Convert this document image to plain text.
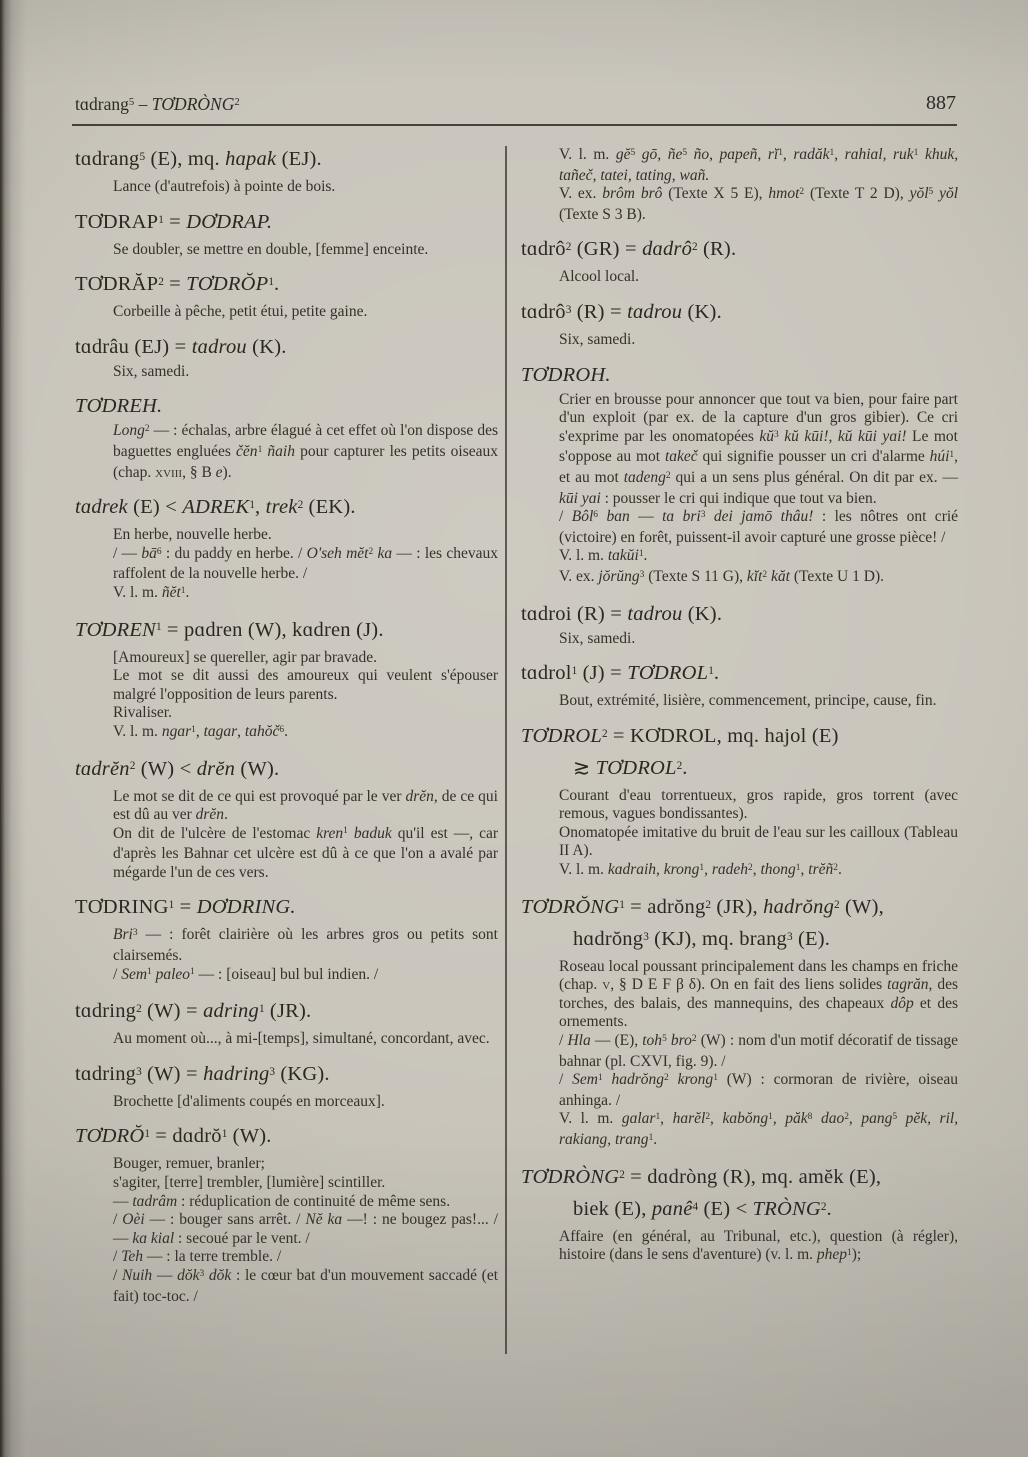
tɑdrang$^5$ – TƠDRÒNG$^2$	887
tɑdrang$^5$ (E), mq. hɑpak (EJ).

Lance (d'autrefois) à pointe de bois.

$TƠDRAP^1$ = DƠDRAP.

Se doubler, se mettre en double, [femme] enceinte.

$TƠDRĂP^2$ = $TƠDRŎP^1$.

Corbeille à pêche, petit étui, petite gaine.

tɑdrâu (EJ) = tɑdrou (K).

Six, samedi.

TƠDREH.

Long$^2$ — : échalas, arbre élagué à cet effet où l'on dispose des baguettes engluées čĕn$^1$ ñaih pour capturer les petits oiseaux (chap. xviii, § B e).

tɑdrek $(E) < ADREK^1$, trek$^2$ (EK).

En herbe, nouvelle herbe.

/ — $bā^6$ : du paddy en herbe. / O'seh mĕt$^2$ kɑ — : les chevaux raffolent de la nouvelle herbe. /

V. l. m. ñĕt$^1$.

$TƠDREN^1$ = pɑdren (W), kɑdren (J).

[Amoureux] se quereller, agir par bravade.

Le mot se dit aussi des amoureux qui veulent s'épouser malgré l'opposition de leurs parents.

Rivaliser.

V. l. m. ngɑr$^1$, tɑgar, tɑhŏč$^6$.

tɑdrĕn$^2$ (W) < drĕn (W).

Le mot se dit de ce qui est provoqué par le ver drĕn, de ce qui est dû au ver drĕn.

On dit de l'ulcère de l'estomac kren$^1$ bɑduk qu'il est —, car d'après les Bahnar cet ulcère est dû à ce que l'on a avalé par mégarde l'un de ces vers.

$TƠDRING^1$ = DƠDRING.

Bri$^3$ — : forêt clairière où les arbres gros ou petits sont clairsemés.

/ Sem$^1$ pɑleo$^1$ — : [oiseau] bul bul indien. /

tɑdring$^2$ (W) = adring$^1$ (JR).

Au moment où..., à mi-[temps], simultané, concordant, avec.

tɑdring$^3$ (W) = hadring$^3$ (KG).

Brochette [d'aliments coupés en morceaux].

$TƠDRŎ^1$ = dɑdrŏ$^1$ (W).

Bouger, remuer, branler;

s'agiter, [terre] trembler, [lumière] scintiller.

— tɑdrâm : réduplication de continuité de même sens.

/ Oèi — : bouger sans arrêt. / Nĕ kɑ —! : ne bougez pas!... / — kɑ kial : secoué par le vent. /

/ Teh — : la terre tremble. /

/ Nuih — dŏk$^3$ dŏk : le cœur bat d'un mouvement saccadé (et fait) toc-toc. /

V. l. m. $gĕ^5$ gō, $ñe^5$ ño, pɑpeñ, $rĭ^1$, rɑdăk$^1$, rɑhiɑl, ruk$^1$ khuk, tɑñeč, tɑtei, tɑting, wañ.

V. ex. brôm brô (Texte X 5 E), hmot$^2$ (Texte T 2 D), yŏl$^5$ yŏl (Texte S 3 B).

tɑdrô$^2$ (GR) = dɑdrô$^2$ (R).

Alcool local.

tɑdrô$^3$ (R) = tɑdrou (K).

Six, samedi.

TƠDROH.

Crier en brousse pour annoncer que tout va bien, pour faire part d'un exploit (par ex. de la capture d'un gros gibier). Ce cri s'exprime par les onomatopées $kŭ^3$ kŭ kūi!, kŭ kūi yɑi! Le mot s'oppose au mot tɑkeč qui signifie pousser un cri d'alarme húi$^1$, et au mot tɑdeng$^2$ qui a un sens plus général. On dit par ex. — kūi yɑi : pousser le cri qui indique que tout va bien.

/ Bôl$^6$ bɑn — tɑ bri$^3$ dei jɑmō thâu! : les nôtres ont crié (victoire) en forêt, puissent-il avoir capturé une grosse pièce! /

V. l. m. tɑkŭi$^1$.

V. ex. jŏrŭng$^3$ (Texte S 11 G), kĭt$^2$ kăt (Texte U 1 D).

tɑdroi (R) = tɑdrou (K).

Six, samedi.

tɑdrol$^1$ $(J) = TƠDROL^1$.

Bout, extrémité, lisière, commencement, principe, cause, fin.

$TƠDROL^2$ = KƠDROL, mq. hajol (E)
≳ TƠDROL$^2$.

Courant d'eau torrentueux, gros rapide, gros torrent (avec remous, vagues bondissantes).

Onomatopée imitative du bruit de l'eau sur les cailloux (Tableau II A).

V. l. m. kɑdraih, krong$^1$, rɑdeh$^2$, thong$^1$, trĕñ$^2$.

$TƠDRŎNG^1$ = adrŏng$^2$ (JR), hadrŏng$^2$ (W),
hɑdrŏng$^3$ (KJ), mq. brang$^3$ (E).

Roseau local poussant principalement dans les champs en friche (chap. v, § D E F β δ). On en fait des liens solides tɑgrăn, des torches, des balais, des mannequins, des chapeaux dôp et des ornements.

/ Hla — (E), toh$^5$ bro$^2$ (W) : nom d'un motif décoratif de tissage bahnar (pl. CXVI, fig. 9). /

/ Sem$^1$ hadrŏng$^2$ krong$^1$ (W) : cormoran de rivière, oiseau anhinga. /

V. l. m. gɑlar$^1$, hɑrĕl$^2$, kɑbŏng$^1$, păk$^8$ dao$^2$, pang$^5$ pĕk, ril, rɑkiang, trang$^1$.

$TƠDRÒNG^2$ = dɑdròng (R), mq. amĕk (E),
biek (E), pɑnê$^4$ $(E) < TRÒNG^2$.

Affaire (en général, au Tribunal, etc.), question (à régler), histoire (dans le sens d'aventure) (v. l. m. phep$^1$);
